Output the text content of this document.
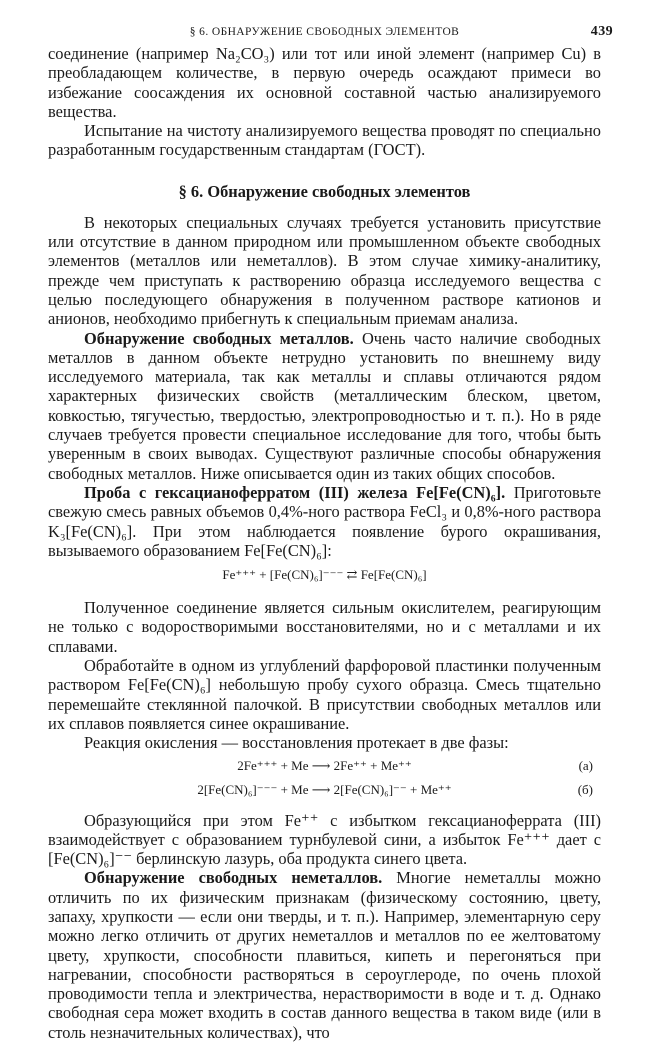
§ 6. ОБНАРУЖЕНИЕ СВОБОДНЫХ ЭЛЕМЕНТОВ	439

соединение (например Na₂CO₃) или тот или иной элемент (например Cu) в преобладающем количестве, в первую очередь осаждают примеси во избежание соосаждения их основной составной частью анализируемого вещества.

Испытание на чистоту анализируемого вещества проводят по специально разработанным государственным стандартам (ГОСТ).

§ 6. Обнаружение свободных элементов

В некоторых специальных случаях требуется установить присутствие или отсутствие в данном природном или промышленном объекте свободных элементов (металлов или неметаллов). В этом случае химику-аналитику, прежде чем приступать к растворению образца исследуемого вещества с целью последующего обнаружения в полученном растворе катионов и анионов, необходимо прибегнуть к специальным приемам анализа.

Обнаружение свободных металлов. Очень часто наличие свободных металлов в данном объекте нетрудно установить по внешнему виду исследуемого материала, так как металлы и сплавы отличаются рядом характерных физических свойств (металлическим блеском, цветом, ковкостью, тягучестью, твердостью, электропроводностью и т. п.). Но в ряде случаев требуется провести специальное исследование для того, чтобы быть уверенным в своих выводах. Существуют различные способы обнаружения свободных металлов. Ниже описывается один из таких общих способов.

Проба с гексацианоферратом (III) железа Fe[Fe(CN)₆]. Приготовьте свежую смесь равных объемов 0,4%-ного раствора FeCl₃ и 0,8%-ного раствора K₃[Fe(CN)₆]. При этом наблюдается появление бурого окрашивания, вызываемого образованием Fe[Fe(CN)₆]:

Fe⁺⁺⁺ + [Fe(CN)₆]⁻⁻⁻ ⇄ Fe[Fe(CN)₆]

Полученное соединение является сильным окислителем, реагирующим не только с водоростворимыми восстановителями, но и с металлами и их сплавами.

Обработайте в одном из углублений фарфоровой пластинки полученным раствором Fe[Fe(CN)₆] небольшую пробу сухого образца. Смесь тщательно перемешайте стеклянной палочкой. В присутствии свободных металлов или их сплавов появляется синее окрашивание.

Реакция окисления — восстановления протекает в две фазы:

2Fe⁺⁺⁺ + Me ⟶ 2Fe⁺⁺ + Me⁺⁺	(а)
2[Fe(CN)₆]⁻⁻⁻ + Me ⟶ 2[Fe(CN)₆]⁻⁻ + Me⁺⁺	(б)

Образующийся при этом Fe⁺⁺ с избытком гексацианоферрата (III) взаимодействует с образованием турнбулевой сини, а избыток Fe⁺⁺⁺ дает с [Fe(CN)₆]⁻⁻ берлинскую лазурь, оба продукта синего цвета.

Обнаружение свободных неметаллов. Многие неметаллы можно отличить по их физическим признакам (физическому состоянию, цвету, запаху, хрупкости — если они тверды, и т. п.). Например, элементарную серу можно легко отличить от других неметаллов и металлов по ее желтоватому цвету, хрупкости, способности плавиться, кипеть и перегоняться при нагревании, способности растворяться в сероуглероде, по очень плохой проводимости тепла и электричества, нерастворимости в воде и т. д. Однако свободная сера может входить в состав данного вещества в таком виде (или в столь незначительных количествах), что
